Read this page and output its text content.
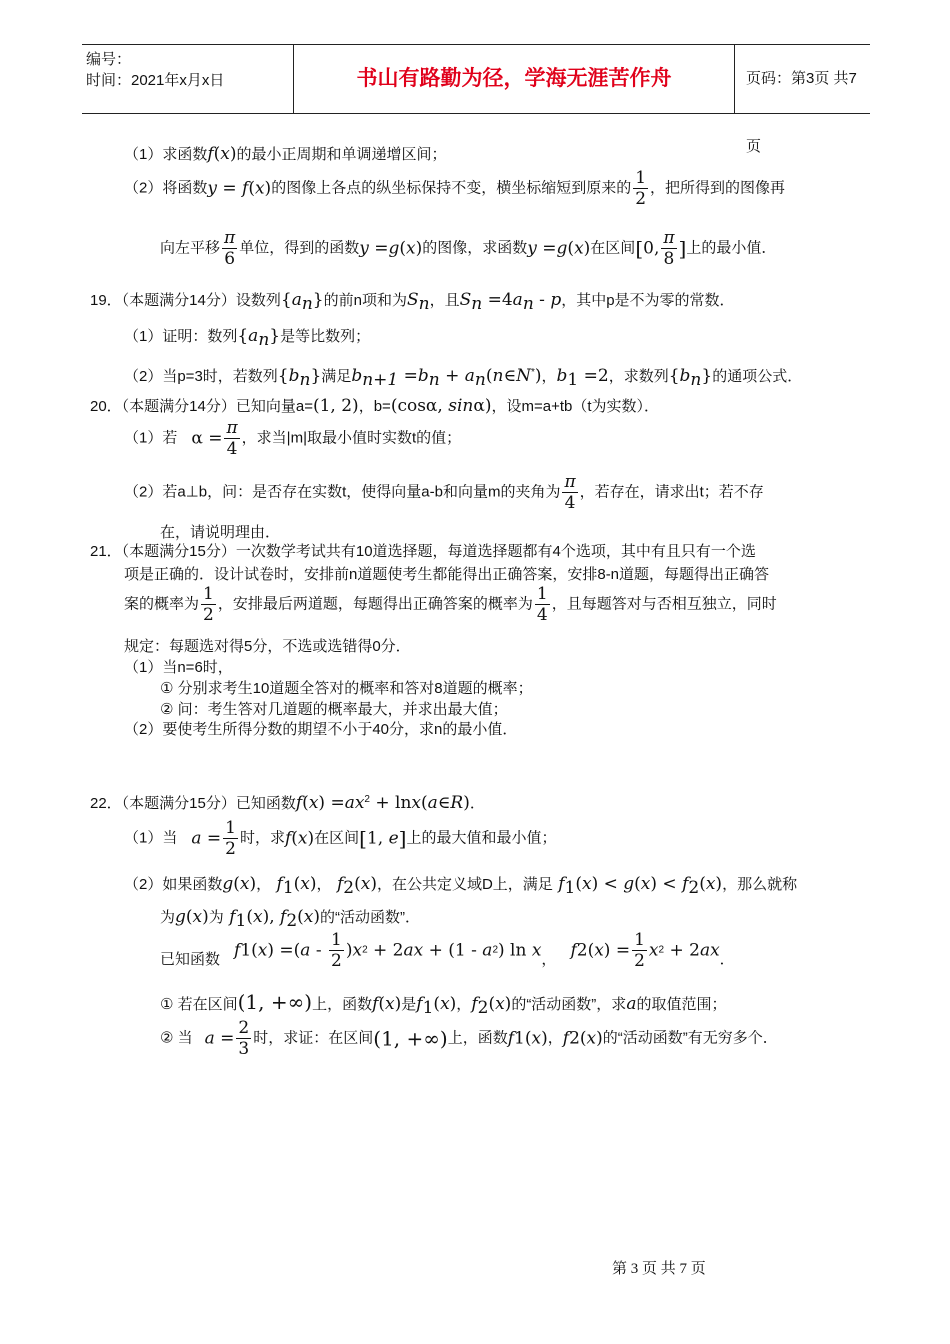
编号：
时间：2021年x月x日	书山有路勤为径，学海无涯苦作舟	页码：第3页 共7页
（1）求函数f(x)的最小正周期和单调递增区间；
（2）将函数y = f(x)的图像上各点的纵坐标保持不变，横坐标缩短到原来的 $\frac{1}{2}$ ，把所得到的图像再
向左平移 $\frac{\pi}{6}$ 单位，得到的函数y =g(x)的图像，求函数y =g(x)在区间[0, $\frac{\pi}{8}$ ]上的最小值．
19．（本题满分14分）设数列$\{a_n\}$的前n项和为$S_n$，且$S_n =4a_n - p$，其中p是不为零的常数．
（1）证明：数列$\{a_n\}$是等比数列；
（2）当p=3时，若数列$\{b_n\}$满足$b_{n+1} =b_n$ + $a_n(n\in N^*)$，$b_1 =2$，求数列$\{b_n\}$的通项公式．
20．（本题满分14分）已知向量a=(1, 2)，b=(cosα, sinα)，设m=a+tb（t为实数）．
（1）若 $\alpha = \frac{\pi}{4}$ ，求当|m|取最小值时实数t的值；
（2）若a⊥b，问：是否存在实数t，使得向量a-b和向量m的夹角为 $\frac{\pi}{4}$ ，若存在，请求出t；若不存
在，请说明理由．
21．（本题满分15分）一次数学考试共有10道选择题，每道选择题都有4个选项，其中有且只有一个选
项是正确的．设计试卷时，安排前n道题使考生都能得出正确答案，安排8-n道题，每题得出正确答
案的概率为 $\frac{1}{2}$ ，安排最后两道题，每题得出正确答案的概率为 $\frac{1}{4}$ ，且每题答对与否相互独立，同时
规定：每题选对得5分，不选或选错得0分．
（1）当n=6时，
① 分别求考生10道题全答对的概率和答对8道题的概率；
② 问：考生答对几道题的概率最大，并求出最大值；
（2）要使考生所得分数的期望不小于40分，求n的最小值．
22．（本题满分15分）已知函数$f(x) =ax^2$ + lnx(a∈R)．
（1）当 $a = \frac{1}{2}$ 时，求f(x)在区间[1, e]上的最大值和最小值；
（2）如果函数g(x)， $f_1(x)$， $f_2(x)$，在公共定义域D上，满足 $f_1(x) < g(x) < f_2(x)$，那么就称
为g(x)为 $f_1(x)$, $f_2(x)$的“活动函数”．
已知函数 $f1(x) =(a - \frac{1}{2} )x2 + 2ax + (1 - a2)$ ln x， $f2(x) = \frac{1}{2} x2 + 2ax$．
① 若在区间(1, +∞)上，函数f(x)是$f_1(x)$，$f_2(x)$的“活动函数”，求a的取值范围；
② 当 $a = \frac{2}{3}$ 时，求证：在区间(1, +∞)上，函数f1(x)，f2(x)的“活动函数”有无穷多个．
第 3 页 共 7 页
